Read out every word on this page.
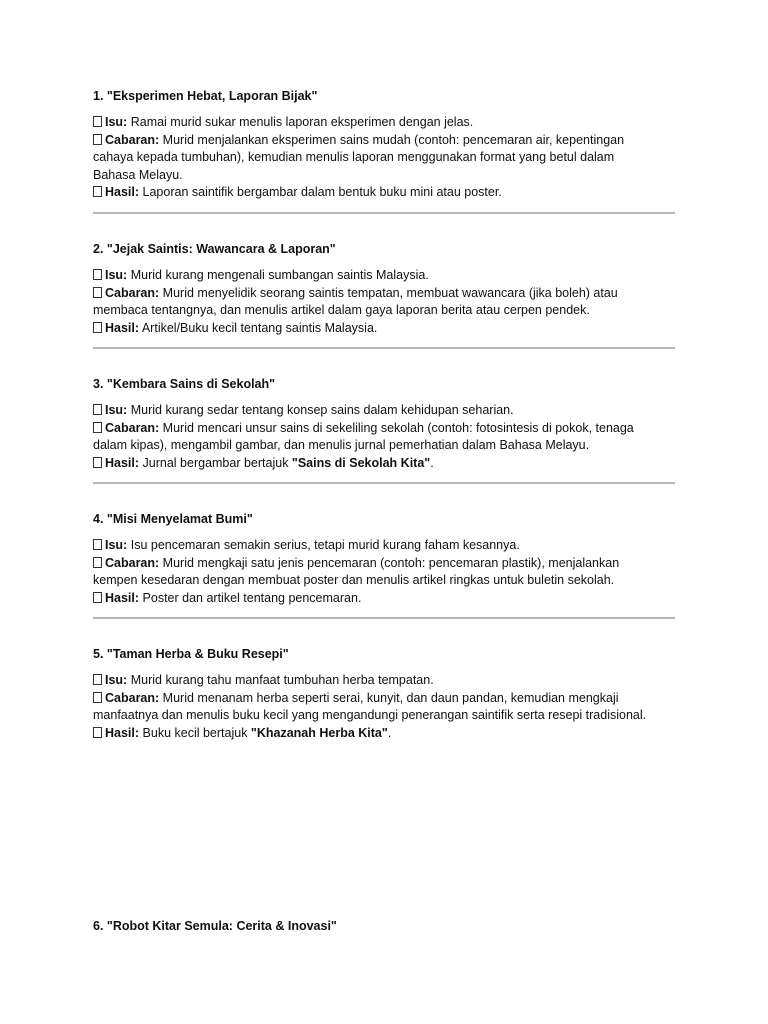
1. "Eksperimen Hebat, Laporan Bijak"

Isu: Ramai murid sukar menulis laporan eksperimen dengan jelas.
Cabaran: Murid menjalankan eksperimen sains mudah (contoh: pencemaran air, kepentingan
cahaya kepada tumbuhan), kemudian menulis laporan menggunakan format yang betul dalam
Bahasa Melayu.
Hasil: Laporan saintifik bergambar dalam bentuk buku mini atau poster.

2. "Jejak Saintis: Wawancara & Laporan"

Isu: Murid kurang mengenali sumbangan saintis Malaysia.
Cabaran: Murid menyelidik seorang saintis tempatan, membuat wawancara (jika boleh) atau
membaca tentangnya, dan menulis artikel dalam gaya laporan berita atau cerpen pendek.
Hasil: Artikel/Buku kecil tentang saintis Malaysia.

3. "Kembara Sains di Sekolah"

Isu: Murid kurang sedar tentang konsep sains dalam kehidupan seharian.
Cabaran: Murid mencari unsur sains di sekeliling sekolah (contoh: fotosintesis di pokok, tenaga
dalam kipas), mengambil gambar, dan menulis jurnal pemerhatian dalam Bahasa Melayu.
Hasil: Jurnal bergambar bertajuk "Sains di Sekolah Kita".

4. "Misi Menyelamat Bumi"

Isu: Isu pencemaran semakin serius, tetapi murid kurang faham kesannya.
Cabaran: Murid mengkaji satu jenis pencemaran (contoh: pencemaran plastik), menjalankan
kempen kesedaran dengan membuat poster dan menulis artikel ringkas untuk buletin sekolah.
Hasil: Poster dan artikel tentang pencemaran.

5. "Taman Herba & Buku Resepi"

Isu: Murid kurang tahu manfaat tumbuhan herba tempatan.
Cabaran: Murid menanam herba seperti serai, kunyit, dan daun pandan, kemudian mengkaji
manfaatnya dan menulis buku kecil yang mengandungi penerangan saintifik serta resepi tradisional.
Hasil: Buku kecil bertajuk "Khazanah Herba Kita".

6. "Robot Kitar Semula: Cerita & Inovasi"
